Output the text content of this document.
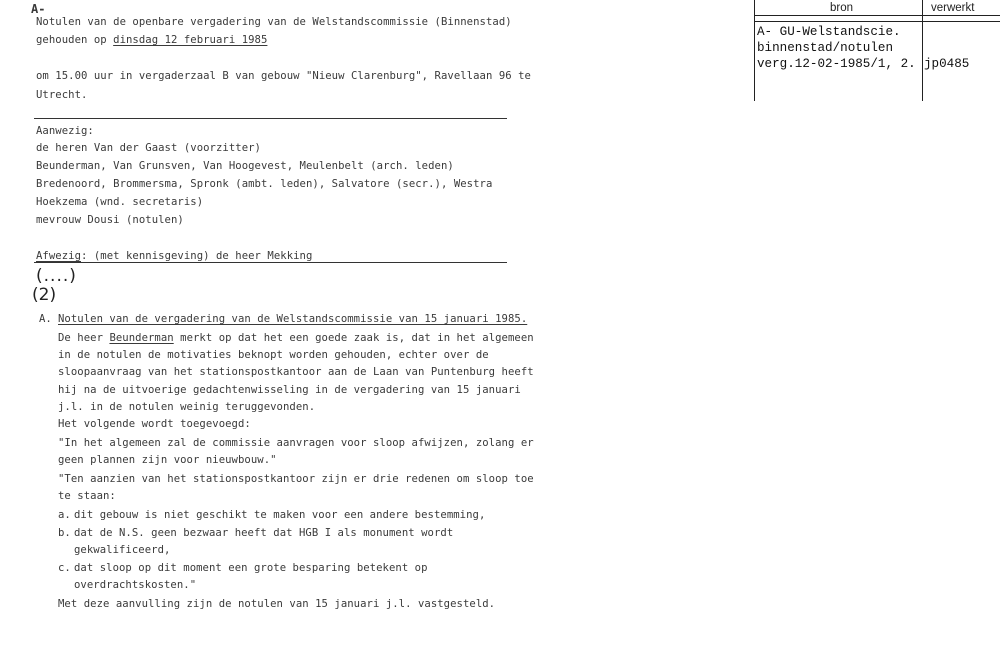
bron	verwerkt
A- GU-Welstandscie.
binnenstad/notulen
verg.12-02-1985/1, 2. jp0485
A-
Notulen van de openbare vergadering van de Welstandscommissie (Binnenstad)
gehouden op dinsdag 12 februari 1985
om 15.00 uur in vergaderzaal B van gebouw "Nieuw Clarenburg", Ravellaan 96 te
Utrecht.
Aanwezig:
de heren Van der Gaast (voorzitter)
Beunderman, Van Grunsven, Van Hoogevest, Meulenbelt (arch. leden)
Bredenoord, Brommersma, Spronk (ambt. leden), Salvatore (secr.), Westra
Hoekzema (wnd. secretaris)
mevrouw Dousi (notulen)
Afwezig: (met kennisgeving) de heer Mekking
(....)
(2)
A. Notulen van de vergadering van de Welstandscommissie van 15 januari 1985.
De heer Beunderman merkt op dat het een goede zaak is, dat in het algemeen
in de notulen de motivaties beknopt worden gehouden, echter over de
sloopaanvraag van het stationspostkantoor aan de Laan van Puntenburg heeft
hij na de uitvoerige gedachtenwisseling in de vergadering van 15 januari
j.l. in de notulen weinig teruggevonden.
Het volgende wordt toegevoegd:
"In het algemeen zal de commissie aanvragen voor sloop afwijzen, zolang er
geen plannen zijn voor nieuwbouw."
"Ten aanzien van het stationspostkantoor zijn er drie redenen om sloop toe
te staan:
a. dit gebouw is niet geschikt te maken voor een andere bestemming,
b. dat de N.S. geen bezwaar heeft dat HGB I als monument wordt
gekwalificeerd,
c. dat sloop op dit moment een grote besparing betekent op
overdrachtskosten."
Met deze aanvulling zijn de notulen van 15 januari j.l. vastgesteld.
